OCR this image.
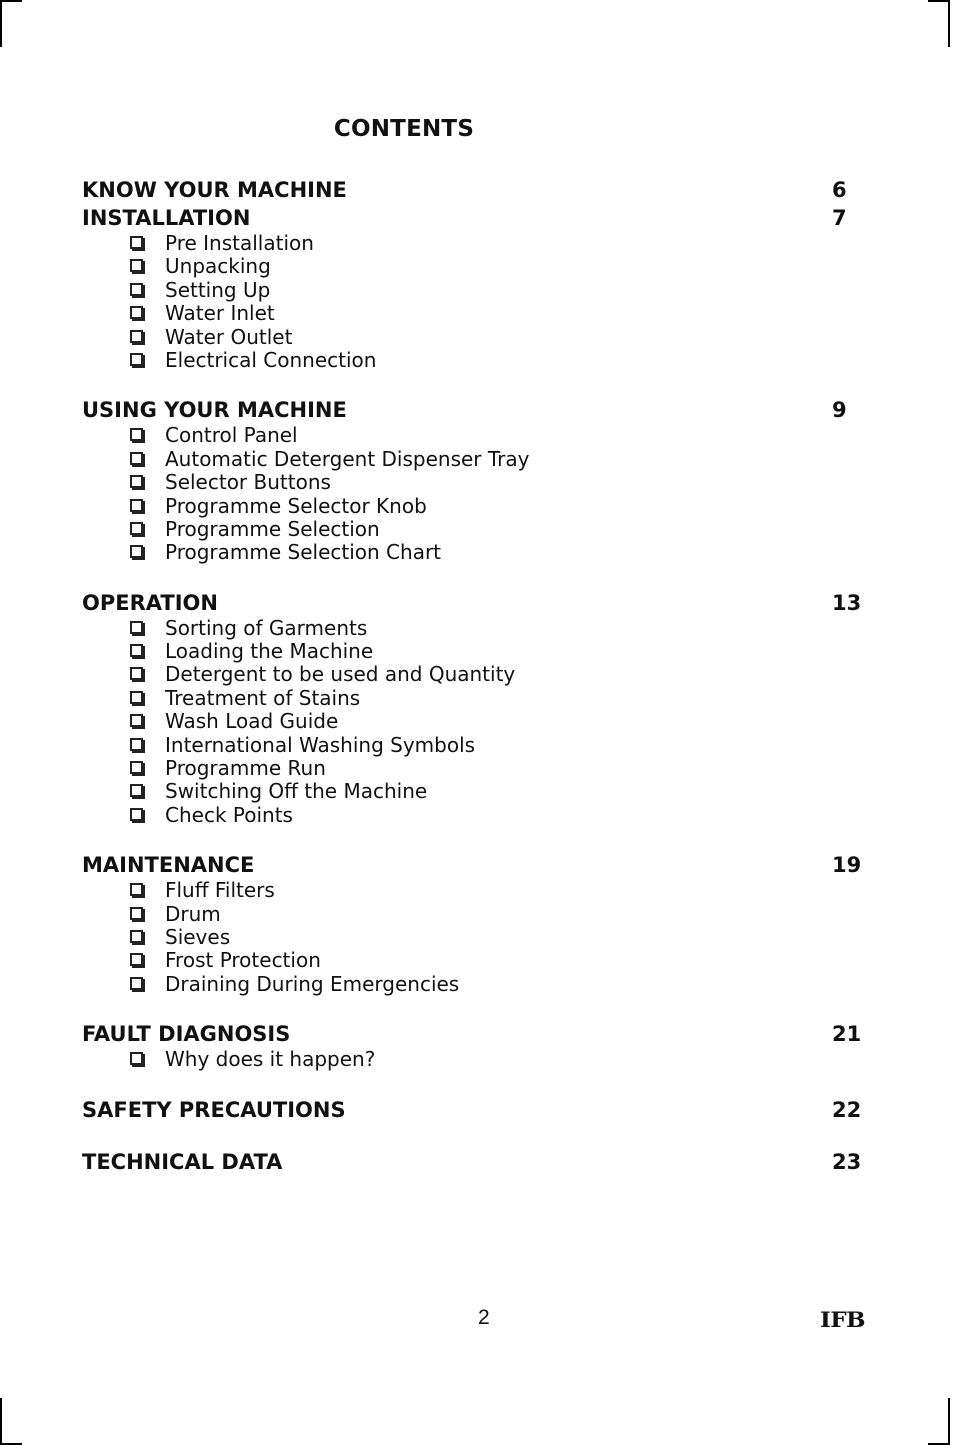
CONTENTS
KNOW YOUR MACHINE	6
INSTALLATION	7
Pre Installation
Unpacking
Setting Up
Water Inlet
Water Outlet
Electrical Connection
USING YOUR MACHINE	9
Control Panel
Automatic Detergent Dispenser Tray
Selector Buttons
Programme Selector Knob
Programme Selection
Programme Selection Chart
OPERATION	13
Sorting of Garments
Loading the Machine
Detergent to be used and Quantity
Treatment of Stains
Wash Load Guide
International Washing Symbols
Programme Run
Switching Off the Machine
Check Points
MAINTENANCE	19
Fluff Filters
Drum
Sieves
Frost Protection
Draining During Emergencies
FAULT DIAGNOSIS	21
Why does it happen?
SAFETY PRECAUTIONS	22
TECHNICAL DATA	23
2	IFB
